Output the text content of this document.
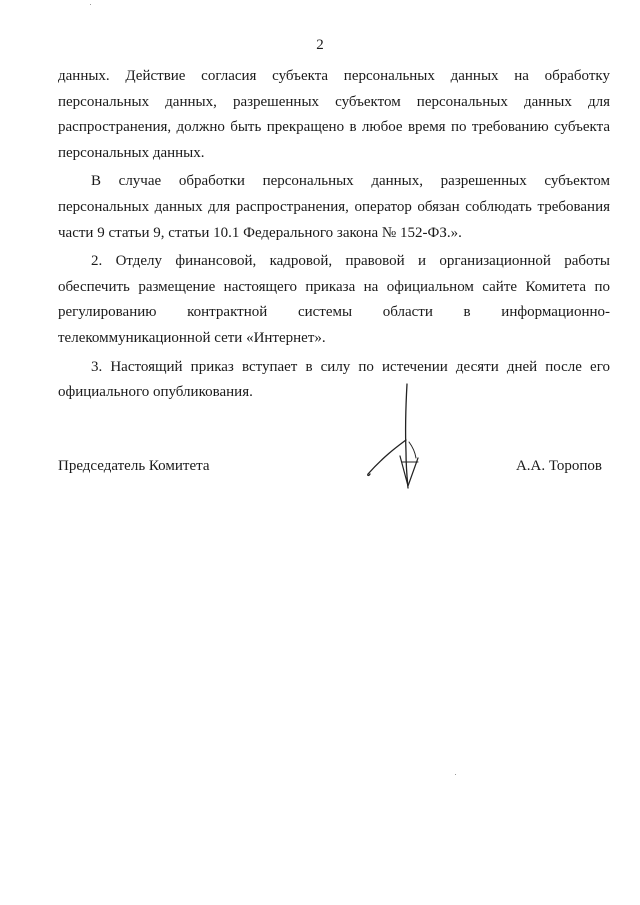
2

данных. Действие согласия субъекта персональных данных на обработку персональных данных, разрешенных субъектом персональных данных для распространения, должно быть прекращено в любое время по требованию субъекта персональных данных.

В случае обработки персональных данных, разрешенных субъектом персональных данных для распространения, оператор обязан соблюдать требования части 9 статьи 9, статьи 10.1 Федерального закона № 152-ФЗ.».

2. Отделу финансовой, кадровой, правовой и организационной работы обеспечить размещение настоящего приказа на официальном сайте Комитета по регулированию контрактной системы области в информационно-телекоммуникационной сети «Интернет».

3. Настоящий приказ вступает в силу по истечении десяти дней после его официального опубликования.

Председатель Комитета	А.А. Торопов
